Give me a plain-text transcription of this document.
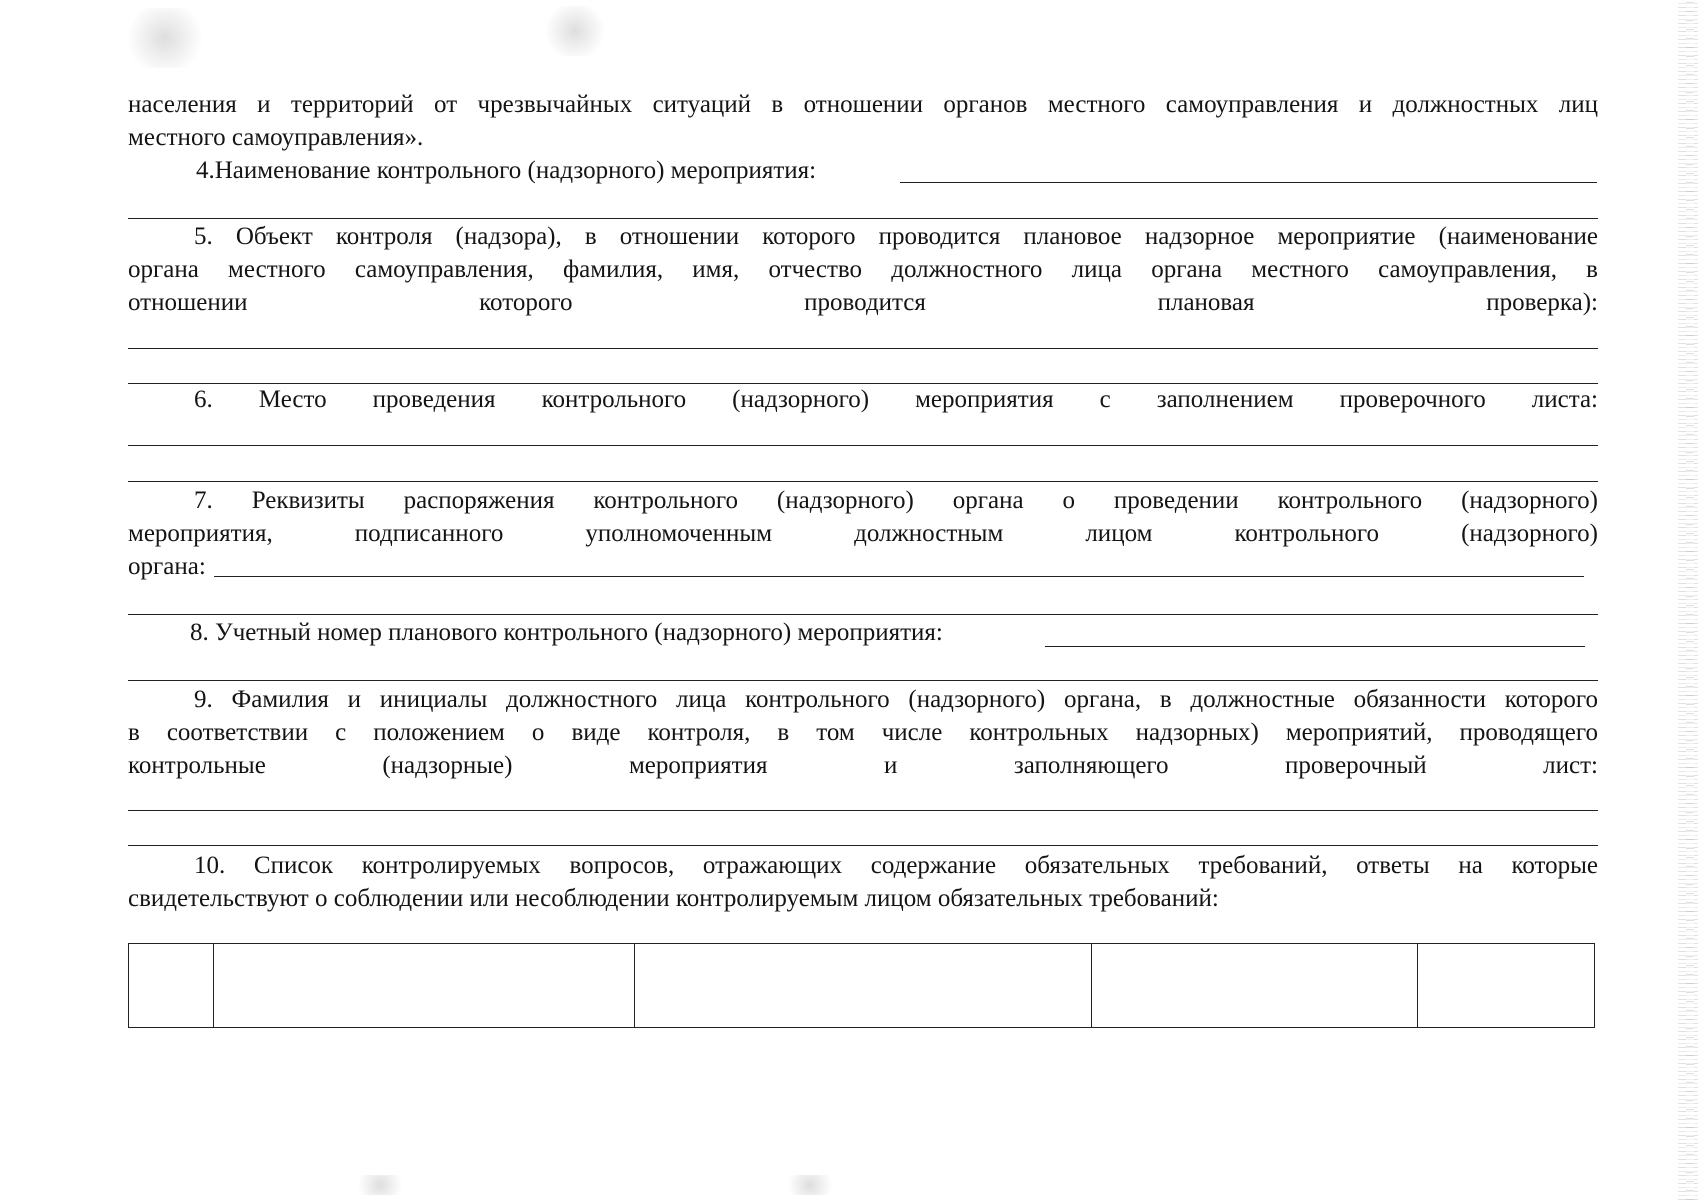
населения и территорий от чрезвычайных ситуаций в отношении органов местного самоуправления и должностных лиц
местного самоуправления».
4.Наименование контрольного (надзорного) мероприятия:
5. Объект контроля (надзора), в отношении которого проводится плановое надзорное мероприятие (наименование
органа местного самоуправления, фамилия, имя, отчество должностного лица органа местного самоуправления, в
отношении которого проводится плановая проверка):
6. Место проведения контрольного (надзорного) мероприятия с заполнением проверочного листа:
7. Реквизиты распоряжения контрольного (надзорного) органа о проведении контрольного (надзорного)
мероприятия, подписанного уполномоченным должностным лицом контрольного (надзорного)
органа:
8. Учетный номер планового контрольного (надзорного) мероприятия:
9. Фамилия и инициалы должностного лица контрольного (надзорного) органа, в должностные обязанности которого
в соответствии с положением о виде контроля, в том числе контрольных надзорных) мероприятий, проводящего
контрольные (надзорные) мероприятия и заполняющего проверочный лист:
10. Список контролируемых вопросов, отражающих содержание обязательных требований, ответы на которые
свидетельствуют о соблюдении или несоблюдении контролируемым лицом обязательных требований:
